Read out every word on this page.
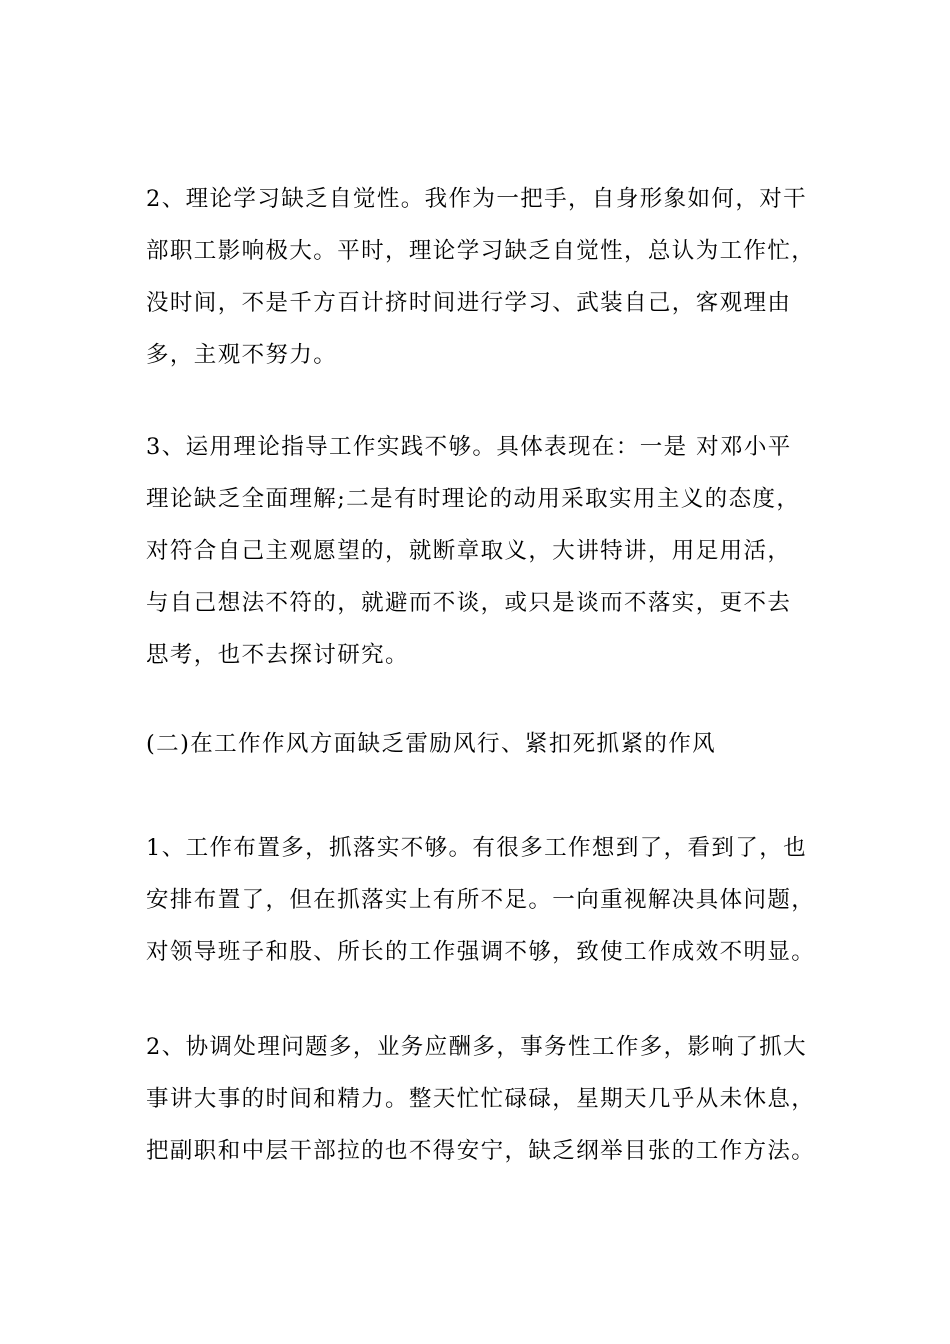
2、理论学习缺乏自觉性。我作为一把手，自身形象如何，对干
部职工影响极大。平时，理论学习缺乏自觉性，总认为工作忙，
没时间，不是千方百计挤时间进行学习、武装自己，客观理由
多，主观不努力。
3、运用理论指导工作实践不够。具体表现在：一是 对邓小平
理论缺乏全面理解;二是有时理论的动用采取实用主义的态度，
对符合自己主观愿望的，就断章取义，大讲特讲，用足用活，
与自己想法不符的，就避而不谈，或只是谈而不落实，更不去
思考，也不去探讨研究。
(二)在工作作风方面缺乏雷励风行、紧扣死抓紧的作风
1、工作布置多，抓落实不够。有很多工作想到了，看到了，也
安排布置了，但在抓落实上有所不足。一向重视解决具体问题，
对领导班子和股、所长的工作强调不够，致使工作成效不明显。
2、协调处理问题多，业务应酬多，事务性工作多，影响了抓大
事讲大事的时间和精力。整天忙忙碌碌，星期天几乎从未休息，
把副职和中层干部拉的也不得安宁，缺乏纲举目张的工作方法。
